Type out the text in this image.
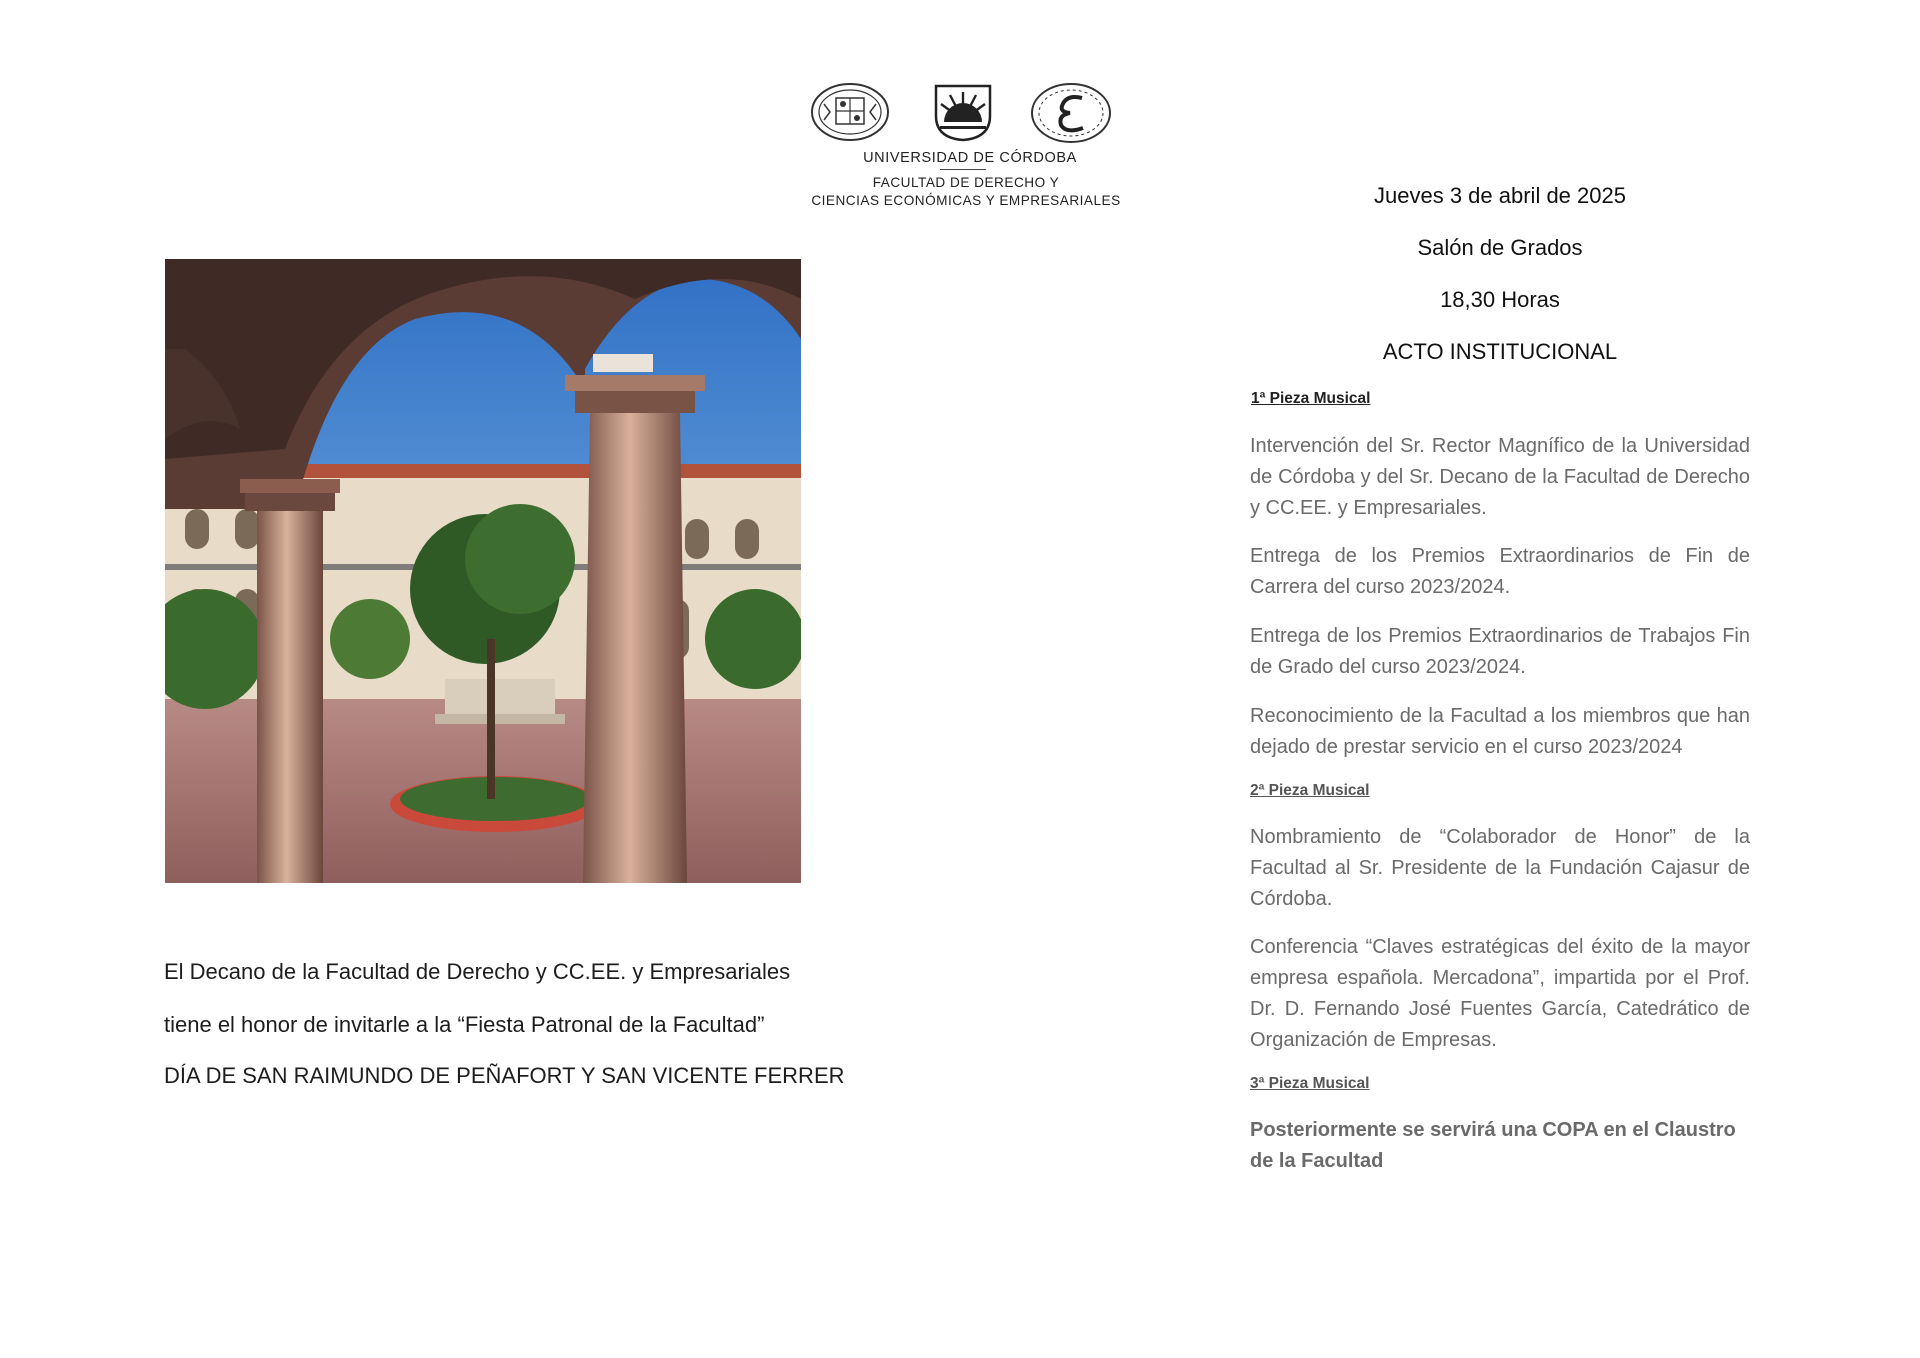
UNIVERSIDAD DE CÓRDOBA
FACULTAD DE DERECHO Y
CIENCIAS ECONÓMICAS Y EMPRESARIALES
El Decano de la Facultad de Derecho y CC.EE. y Empresariales
tiene el honor de invitarle a la “Fiesta Patronal de la Facultad”
DÍA DE SAN RAIMUNDO DE PEÑAFORT Y SAN VICENTE FERRER
Jueves 3 de abril de 2025
Salón de Grados
18,30 Horas
ACTO INSTITUCIONAL
1ª Pieza Musical
Intervención del Sr. Rector Magnífico de la Universidad de Córdoba y del Sr. Decano de la Facultad de Derecho y CC.EE. y Empresariales.
Entrega de los Premios Extraordinarios de Fin de Carrera del curso 2023/2024.
Entrega de los Premios Extraordinarios de Trabajos Fin de Grado del curso 2023/2024.
Reconocimiento de la Facultad a los miembros que han dejado de prestar servicio en el curso 2023/2024
2ª Pieza Musical
Nombramiento de “Colaborador de Honor” de la Facultad al Sr. Presidente de la Fundación Cajasur de Córdoba.
Conferencia “Claves estratégicas del éxito de la mayor empresa española. Mercadona”, impartida por el Prof. Dr. D. Fernando José Fuentes García, Catedrático de Organización de Empresas.
3ª Pieza Musical
Posteriormente se servirá una COPA en el Claustro de la Facultad
